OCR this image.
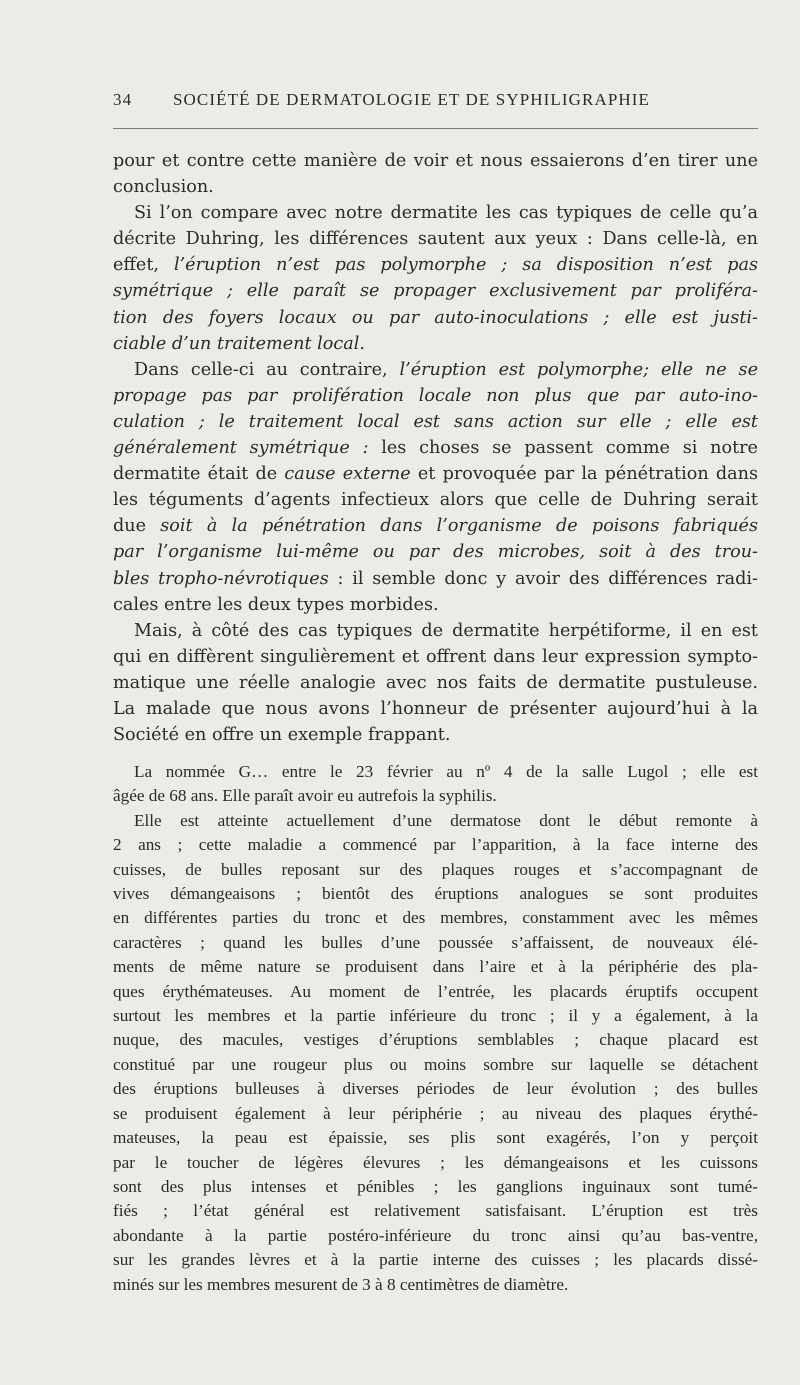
34 SOCIÉTÉ DE DERMATOLOGIE ET DE SYPHILIGRAPHIE
pour et contre cette manière de voir et nous essaierons d’en tirer une
conclusion.
Si l’on compare avec notre dermatite les cas typiques de celle qu’a
décrite Duhring, les différences sautent aux yeux : Dans celle-là, en
effet, l’éruption n’est pas polymorphe ; sa disposition n’est pas
symétrique ; elle paraît se propager exclusivement par proliféra-
tion des foyers locaux ou par auto-inoculations ; elle est justi-
ciable d’un traitement local.
Dans celle-ci au contraire, l’éruption est polymorphe; elle ne se
propage pas par prolifération locale non plus que par auto-ino-
culation ; le traitement local est sans action sur elle ; elle est
généralement symétrique : les choses se passent comme si notre
dermatite était de cause externe et provoquée par la pénétration dans
les téguments d’agents infectieux alors que celle de Duhring serait
due soit à la pénétration dans l’organisme de poisons fabriqués
par l’organisme lui-même ou par des microbes, soit à des trou-
bles tropho-névrotiques : il semble donc y avoir des différences radi-
cales entre les deux types morbides.
Mais, à côté des cas typiques de dermatite herpétiforme, il en est
qui en diffèrent singulièrement et offrent dans leur expression sympto-
matique une réelle analogie avec nos faits de dermatite pustuleuse.
La malade que nous avons l’honneur de présenter aujourd’hui à la
Société en offre un exemple frappant.
La nommée G… entre le 23 février au nº 4 de la salle Lugol ; elle est
âgée de 68 ans. Elle paraît avoir eu autrefois la syphilis.
Elle est atteinte actuellement d’une dermatose dont le début remonte à
2 ans ; cette maladie a commencé par l’apparition, à la face interne des
cuisses, de bulles reposant sur des plaques rouges et s’accompagnant de
vives démangeaisons ; bientôt des éruptions analogues se sont produites
en différentes parties du tronc et des membres, constamment avec les mêmes
caractères ; quand les bulles d’une poussée s’affaissent, de nouveaux élé-
ments de même nature se produisent dans l’aire et à la périphérie des pla-
ques érythémateuses. Au moment de l’entrée, les placards éruptifs occupent
surtout les membres et la partie inférieure du tronc ; il y a également, à la
nuque, des macules, vestiges d’éruptions semblables ; chaque placard est
constitué par une rougeur plus ou moins sombre sur laquelle se détachent
des éruptions bulleuses à diverses périodes de leur évolution ; des bulles
se produisent également à leur périphérie ; au niveau des plaques érythé-
mateuses, la peau est épaissie, ses plis sont exagérés, l’on y perçoit
par le toucher de légères élevures ; les démangeaisons et les cuissons
sont des plus intenses et pénibles ; les ganglions inguinaux sont tumé-
fiés ; l’état général est relativement satisfaisant. L’éruption est très
abondante à la partie postéro-inférieure du tronc ainsi qu’au bas-ventre,
sur les grandes lèvres et à la partie interne des cuisses ; les placards dissé-
minés sur les membres mesurent de 3 à 8 centimètres de diamètre.
